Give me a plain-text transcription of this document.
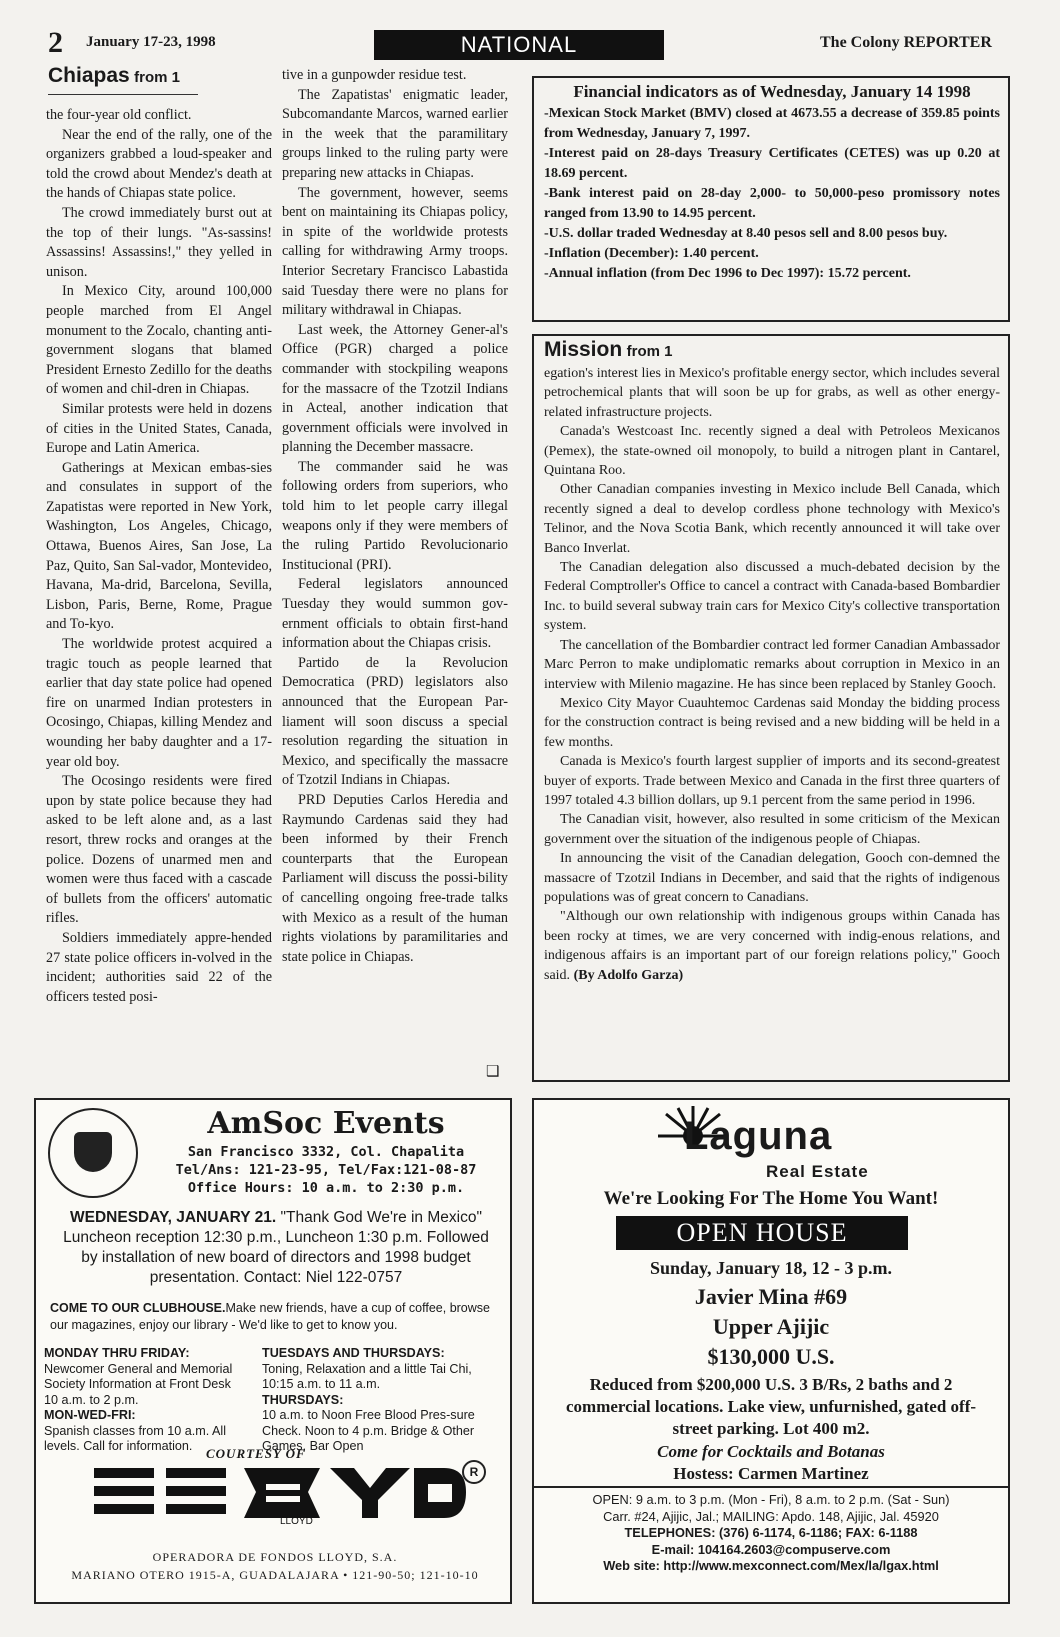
2 January 17-23, 1998	NATIONAL	The Colony REPORTER
Chiapas from 1

the four-year old conflict.

Near the end of the rally, one of the organizers grabbed a loud-speaker and told the crowd about Mendez's death at the hands of Chiapas state police.

The crowd immediately burst out at the top of their lungs. "As-sassins! Assassins! Assassins!," they yelled in unison.

In Mexico City, around 100,000 people marched from El Angel monument to the Zocalo, chanting anti-government slogans that blamed President Ernesto Zedillo for the deaths of women and chil-dren in Chiapas.

Similar protests were held in dozens of cities in the United States, Canada, Europe and Latin America.

Gatherings at Mexican embas-sies and consulates in support of the Zapatistas were reported in New York, Washington, Los Angeles, Chicago, Ottawa, Buenos Aires, San Jose, La Paz, Quito, San Sal-vador, Montevideo, Havana, Ma-drid, Barcelona, Sevilla, Lisbon, Paris, Berne, Rome, Prague and To-kyo.

The worldwide protest acquired a tragic touch as people learned that earlier that day state police had opened fire on unarmed Indian protesters in Ocosingo, Chiapas, killing Mendez and wounding her baby daughter and a 17-year old boy.

The Ocosingo residents were fired upon by state police because they had asked to be left alone and, as a last resort, threw rocks and oranges at the police. Dozens of unarmed men and women were thus faced with a cascade of bullets from the officers' automatic rifles.

Soldiers immediately appre-hended 27 state police officers in-volved in the incident; authorities said 22 of the officers tested posi-

tive in a gunpowder residue test.

The Zapatistas' enigmatic leader, Subcomandante Marcos, warned earlier in the week that the paramilitary groups linked to the ruling party were preparing new attacks in Chiapas.

The government, however, seems bent on maintaining its Chiapas policy, in spite of the worldwide protests calling for withdrawing Army troops. Interior Secretary Francisco Labastida said Tuesday there were no plans for military withdrawal in Chiapas.

Last week, the Attorney Gener-al's Office (PGR) charged a police commander with stockpiling weapons for the massacre of the Tzotzil Indians in Acteal, another indication that government officials were involved in planning the December massacre.

The commander said he was following orders from superiors, who told him to let people carry illegal weapons only if they were members of the ruling Partido Revolucionario Institucional (PRI).

Federal legislators announced Tuesday they would summon gov-ernment officials to obtain first-hand information about the Chiapas crisis.

Partido de la Revolucion Democratica (PRD) legislators also announced that the European Par-liament will soon discuss a special resolution regarding the situation in Mexico, and specifically the massacre of Tzotzil Indians in Chiapas.

PRD Deputies Carlos Heredia and Raymundo Cardenas said they had been informed by their French counterparts that the European Parliament will discuss the possi-bility of cancelling ongoing free-trade talks with Mexico as a result of the human rights violations by paramilitaries and state police in Chiapas.

❑
Financial indicators as of Wednesday, January 14 1998
-Mexican Stock Market (BMV) closed at 4673.55 a decrease of 359.85 points from Wednesday, January 7, 1997.
-Interest paid on 28-days Treasury Certificates (CETES) was up 0.20 at 18.69 percent.
-Bank interest paid on 28-day 2,000- to 50,000-peso promissory notes ranged from 13.90 to 14.95 percent.
-U.S. dollar traded Wednesday at 8.40 pesos sell and 8.00 pesos buy.
-Inflation (December): 1.40 percent.
-Annual inflation (from Dec 1996 to Dec 1997): 15.72 percent.
Mission from 1

egation's interest lies in Mexico's profitable energy sector, which includes several petrochemical plants that will soon be up for grabs, as well as other energy-related infrastructure projects.

Canada's Westcoast Inc. recently signed a deal with Petroleos Mexicanos (Pemex), the state-owned oil monopoly, to build a nitrogen plant in Cantarel, Quintana Roo.

Other Canadian companies investing in Mexico include Bell Canada, which recently signed a deal to develop cordless phone technology with Mexico's Telinor, and the Nova Scotia Bank, which recently announced it will take over Banco Inverlat.

The Canadian delegation also discussed a much-debated decision by the Federal Comptroller's Office to cancel a contract with Canada-based Bombardier Inc. to build several subway train cars for Mexico City's collective transportation system.

The cancellation of the Bombardier contract led former Canadian Ambassador Marc Perron to make undiplomatic remarks about corruption in Mexico in an interview with Milenio magazine. He has since been replaced by Stanley Gooch.

Mexico City Mayor Cuauhtemoc Cardenas said Monday the bidding process for the construction contract is being revised and a new bidding will be held in a few months.

Canada is Mexico's fourth largest supplier of imports and its second-greatest buyer of exports. Trade between Mexico and Canada in the first three quarters of 1997 totaled 4.3 billion dollars, up 9.1 percent from the same period in 1996.

The Canadian visit, however, also resulted in some criticism of the Mexican government over the situation of the indigenous people of Chiapas.

In announcing the visit of the Canadian delegation, Gooch con-demned the massacre of Tzotzil Indians in December, and said that the rights of indigenous populations was of great concern to Canadians.

"Although our own relationship with indigenous groups within Canada has been rocky at times, we are very concerned with indig-enous relations, and indigenous affairs is an important part of our foreign relations policy," Gooch said. (By Adolfo Garza)

AmSoc Events
San Francisco 3332, Col. Chapalita
Tel/Ans: 121-23-95, Tel/Fax:121-08-87
Office Hours: 10 a.m. to 2:30 p.m.
WEDNESDAY, JANUARY 21. "Thank God We're in Mexico" Luncheon reception 12:30 p.m., Luncheon 1:30 p.m. Followed by installation of new board of directors and 1998 budget presentation. Contact: Niel 122-0757
COME TO OUR CLUBHOUSE.Make new friends, have a cup of coffee, browse our magazines, enjoy our library - We'd like to get to know you.
MONDAY THRU FRIDAY:
Newcomer General and Memorial Society Information at Front Desk 10 a.m. to 2 p.m.
MON-WED-FRI:
Spanish classes from 10 a.m. All levels. Call for information.
TUESDAYS AND THURSDAYS:
Toning, Relaxation and a little Tai Chi, 10:15 a.m. to 11 a.m.
THURSDAYS:
10 a.m. to Noon Free Blood Pres-sure Check. Noon to 4 p.m. Bridge & Other Games, Bar Open
COURTESY OF
LLOYD
R
OPERADORA DE FONDOS LLOYD, S.A.
MARIANO OTERO 1915-A, GUADALAJARA • 121-90-50; 121-10-10
Laguna
Real Estate
We're Looking For The Home You Want!
OPEN HOUSE
Sunday, January 18, 12 - 3 p.m.
Javier Mina #69
Upper Ajijic
$130,000 U.S.
Reduced from $200,000 U.S. 3 B/Rs, 2 baths and 2 commercial locations. Lake view, unfurnished, gated off-street parking. Lot 400 m2.
Come for Cocktails and Botanas
Hostess: Carmen Martinez
OPEN: 9 a.m. to 3 p.m. (Mon - Fri), 8 a.m. to 2 p.m. (Sat - Sun)
Carr. #24, Ajijic, Jal.; MAILING: Apdo. 148, Ajijic, Jal. 45920
TELEPHONES: (376) 6-1174, 6-1186; FAX: 6-1188
E-mail: 104164.2603@compuserve.com
Web site: http://www.mexconnect.com/Mex/la/lgax.html
